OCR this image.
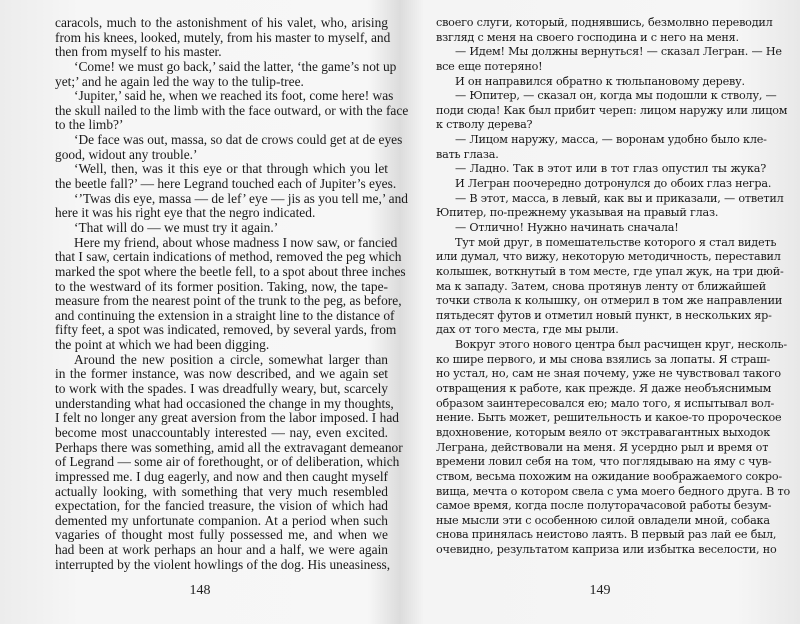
caracols, much to the astonishment of his valet, who, arising
from his knees, looked, mutely, from his master to myself, and
then from myself to his master.
‘Come! we must go back,’ said the latter, ‘the game’s not up
yet;’ and he again led the way to the tulip-tree.
‘Jupiter,’ said he, when we reached its foot, come here! was
the skull nailed to the limb with the face outward, or with the face
to the limb?’
‘De face was out, massa, so dat de crows could get at de eyes
good, widout any trouble.’
‘Well, then, was it this eye or that through which you let
the beetle fall?’ — here Legrand touched each of Jupiter’s eyes.
‘’Twas dis eye, massa — de lef’ eye — jis as you tell me,’ and
here it was his right eye that the negro indicated.
‘That will do — we must try it again.’
Here my friend, about whose madness I now saw, or fancied
that I saw, certain indications of method, removed the peg which
marked the spot where the beetle fell, to a spot about three inches
to the westward of its former position. Taking, now, the tape-
measure from the nearest point of the trunk to the peg, as before,
and continuing the extension in a straight line to the distance of
fifty feet, a spot was indicated, removed, by several yards, from
the point at which we had been digging.
Around the new position a circle, somewhat larger than
in the former instance, was now described, and we again set
to work with the spades. I was dreadfully weary, but, scarcely
understanding what had occasioned the change in my thoughts,
I felt no longer any great aversion from the labor imposed. I had
become most unaccountably interested — nay, even excited.
Perhaps there was something, amid all the extravagant demeanor
of Legrand — some air of forethought, or of deliberation, which
impressed me. I dug eagerly, and now and then caught myself
actually looking, with something that very much resembled
expectation, for the fancied treasure, the vision of which had
demented my unfortunate companion. At a period when such
vagaries of thought most fully possessed me, and when we
had been at work perhaps an hour and a half, we were again
interrupted by the violent howlings of the dog. His uneasiness,
148
своего слуги, который, поднявшись, безмолвно переводил
взгляд с меня на своего господина и с него на меня.
— Идем! Мы должны вернуться! — сказал Легран. — Не
все еще потеряно!
И он направился обратно к тюльпановому дереву.
— Юпитер, — сказал он, когда мы подошли к стволу, —
поди сюда! Как был прибит череп: лицом наружу или лицом
к стволу дерева?
— Лицом наружу, масса, — воронам удобно было кле-
вать глаза.
— Ладно. Так в этот или в тот глаз опустил ты жука?
И Легран поочередно дотронулся до обоих глаз негра.
— В этот, масса, в левый, как вы и приказали, — ответил
Юпитер, по-прежнему указывая на правый глаз.
— Отлично! Нужно начинать сначала!
Тут мой друг, в помешательстве которого я стал видеть
или думал, что вижу, некоторую методичность, переставил
колышек, воткнутый в том месте, где упал жук, на три дюй-
ма к западу. Затем, снова протянув ленту от ближайшей
точки ствола к колышку, он отмерил в том же направлении
пятьдесят футов и отметил новый пункт, в нескольких яр-
дах от того места, где мы рыли.
Вокруг этого нового центра был расчищен круг, несколь-
ко шире первого, и мы снова взялись за лопаты. Я страш-
но устал, но, сам не зная почему, уже не чувствовал такого
отвращения к работе, как прежде. Я даже необъяснимым
образом заинтересовался ею; мало того, я испытывал вол-
нение. Быть может, решительность и какое-то пророческое
вдохновение, которым веяло от экстравагантных выходок
Леграна, действовали на меня. Я усердно рыл и время от
времени ловил себя на том, что поглядываю на яму с чув-
ством, весьма похожим на ожидание воображаемого сокро-
вища, мечта о котором свела с ума моего бедного друга. В то
самое время, когда после полуторачасовой работы безум-
ные мысли эти с особенною силой овладели мной, собака
снова принялась неистово лаять. В первый раз лай ее был,
очевидно, результатом каприза или избытка веселости, но
149
